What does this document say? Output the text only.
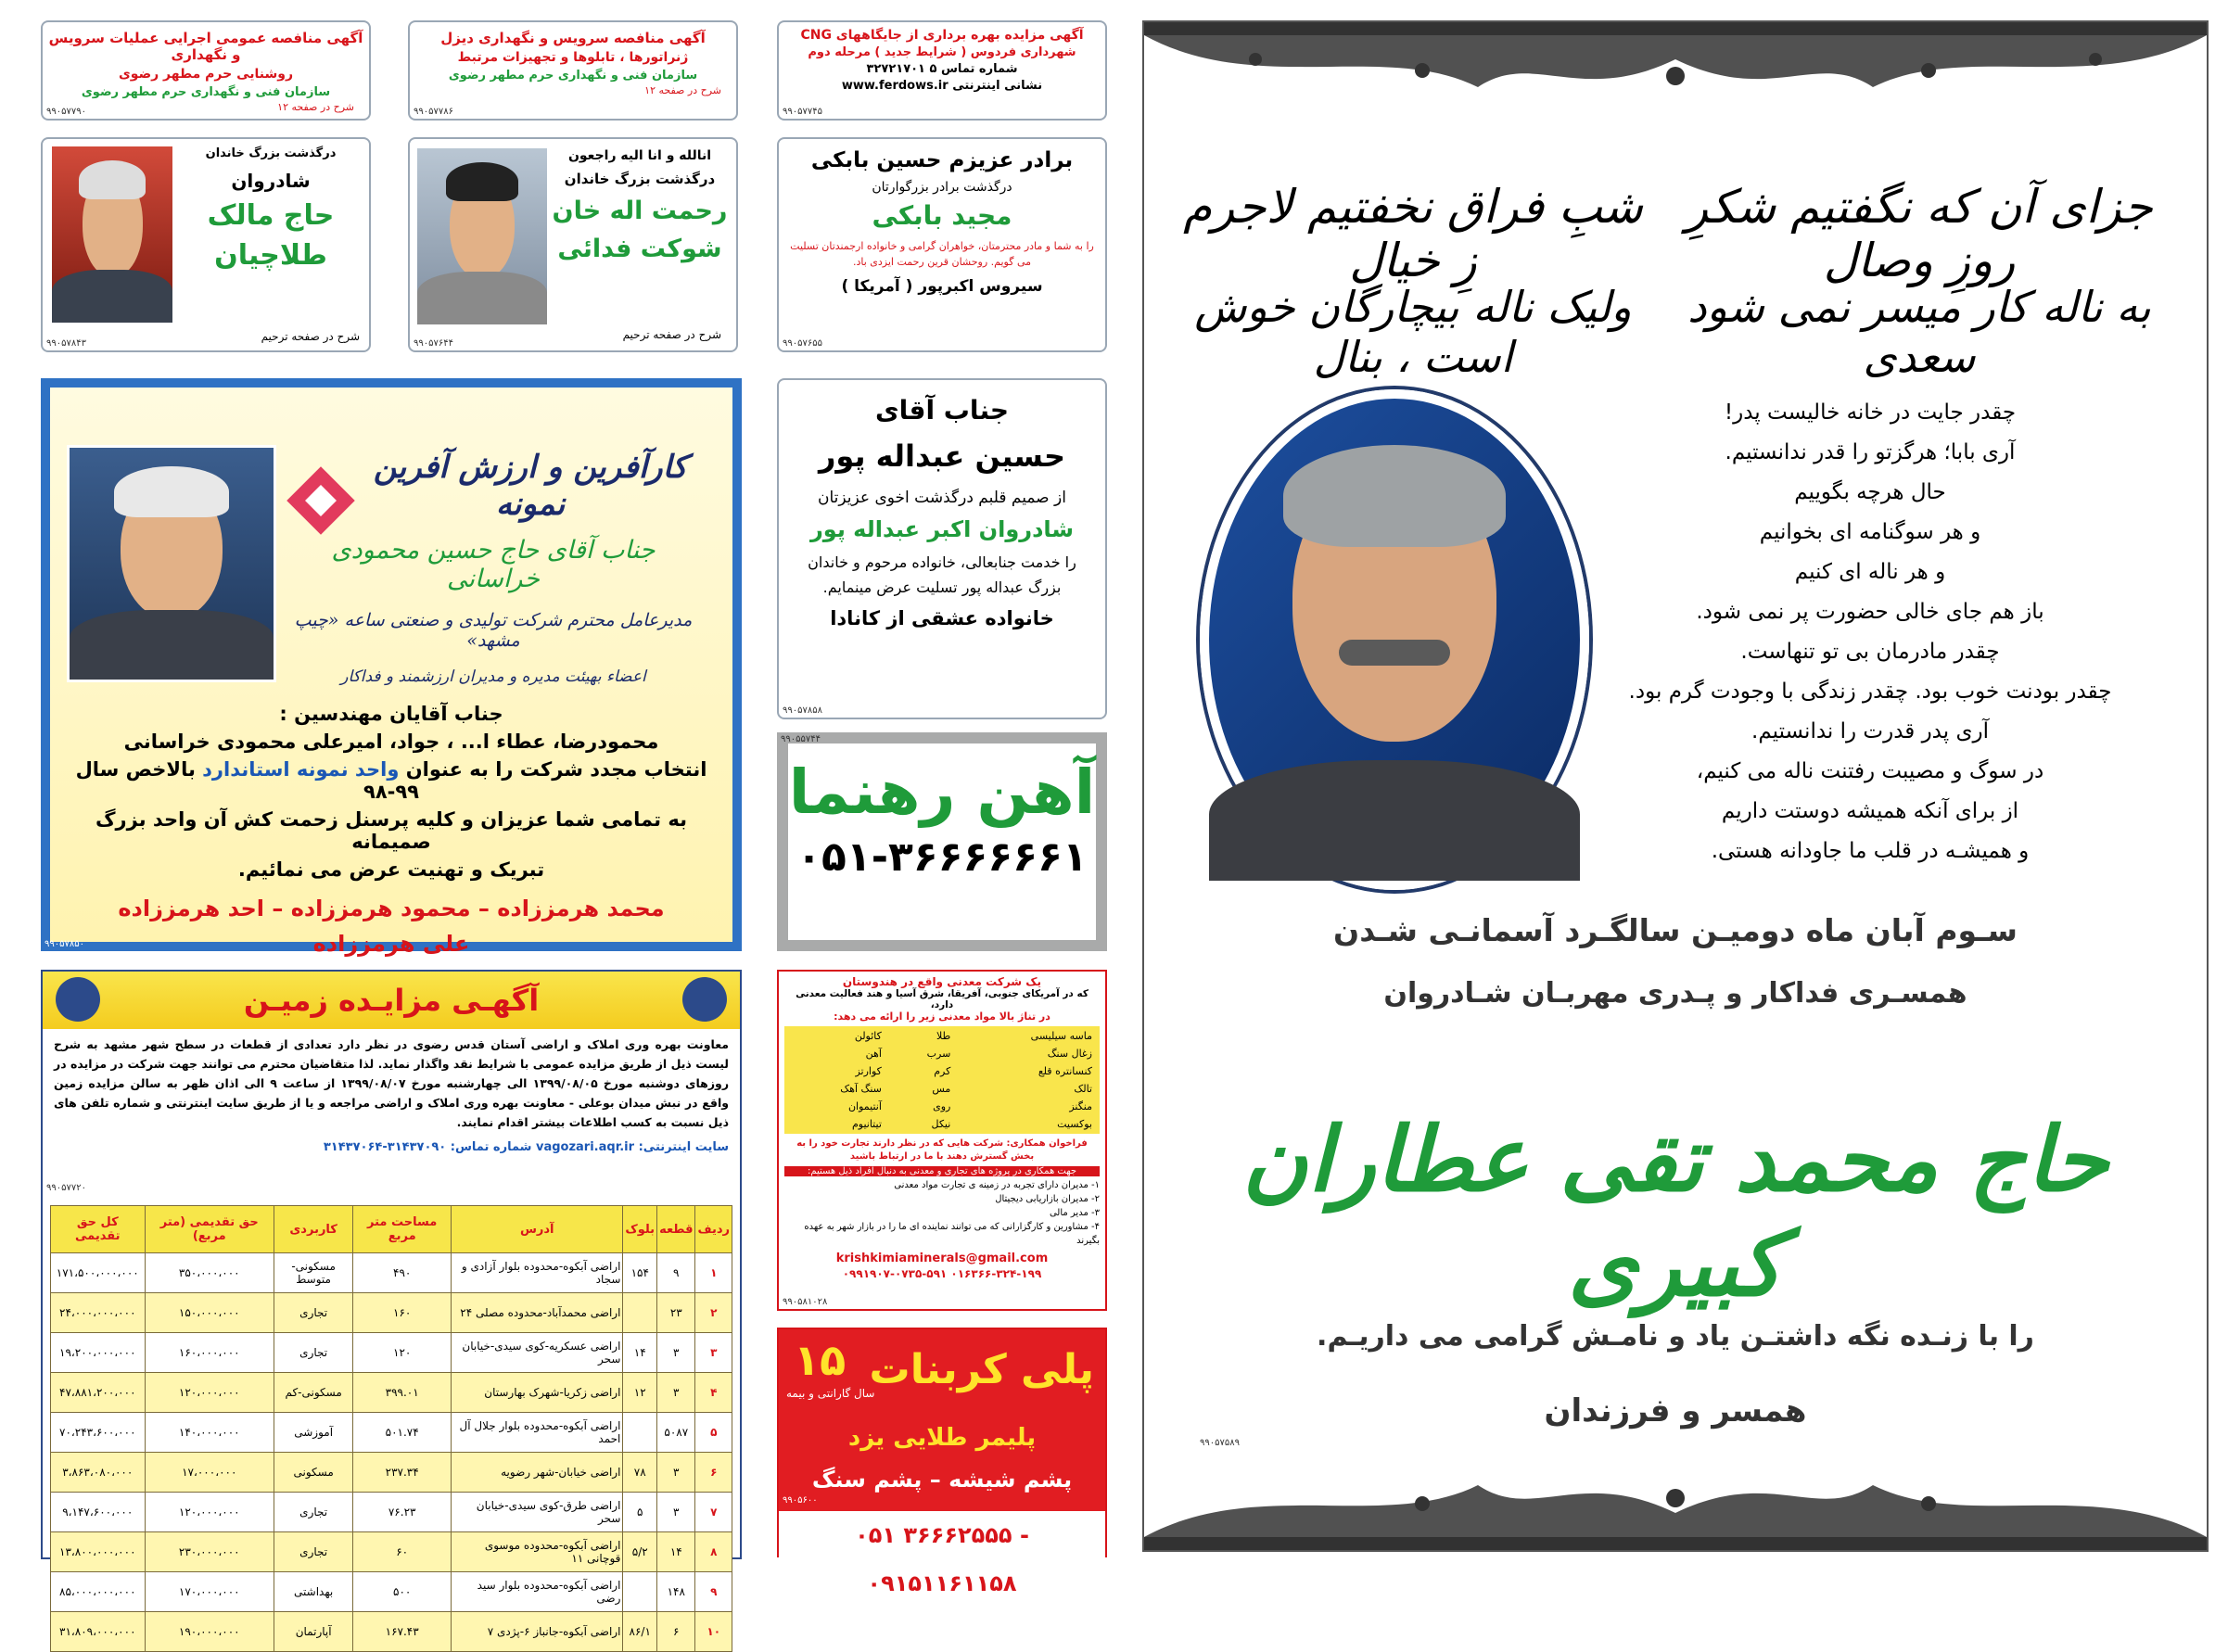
آگهی منافصه عمومی اجرایی عملیات سرویس و نگهداری
روشنایی حرم مطهر رضوی
سازمان فنی و نگهداری حرم مطهر رضوی
شرح در صفحه ۱۲
۹۹۰۵۷۷۹۰
آگهی منافصه سرویس و نگهداری دیزل
ژنراتورها ، تابلوها و تجهیزات مرتبط
سازمان فنی و نگهداری حرم مطهر رضوی
شرح در صفحه ۱۲
۹۹۰۵۷۷۸۶
آگهی مزایده بهره برداری از جایگاههای CNG
شهرداری فردوس ( شرایط جدید ) مرحله دوم
شماره تماس ۵ ۳۲۷۲۱۷۰۱
نشانی اینترنتی www.ferdows.ir
۹۹۰۵۷۷۴۵
درگذشت بزرگ خاندان
شادروان
حاج مالک
طلاچیان
شرح در صفحه ترحیم
۹۹۰۵۷۸۴۳
انالله و انا الیه راجعون
درگذشت بزرگ خاندان
رحمت اله خان
شوکت فدائی
شرح در صفحه ترحیم
۹۹۰۵۷۶۴۴
برادر عزیزم حسین بابکی
درگذشت برادر بزرگوارتان
مجید بابکی
را به شما و مادر محترمتان، خواهران گرامی و خانواده ارجمندتان تسلیت می گویم. روحشان قرین رحمت ایزدی باد.
سیروس اکبرپور ( آمریکا )
۹۹۰۵۷۶۵۵
کارآفرین و ارزش آفرین نمونه
جناب آقای حاج حسین محمودی خراسانی
مدیرعامل محترم شرکت تولیدی و صنعتی ساعه «چیپ مشهد»
اعضاء بهیئت مدیره و مدیران ارزشمند و فداکار
جناب آقایان مهندسین :
محمودرضا، عطاء ا... ، جواد، امیرعلی محمودی خراسانی
انتخاب مجدد شرکت را به عنوان واحد نمونه استاندارد بالاخص سال ۹۹-۹۸
به تمامی شما عزیزان و کلیه پرسنل زحمت کش آن واحد بزرگ صمیمانه
تبریک و تهنیت عرض می نمائیم.
محمد هرمززاده – محمود هرمززاده – احد هرمززاده
علی هرمززاده
۹۹۰۵۷۸۵۰
جناب آقای
حسین عبداله پور
از صمیم قلبم درگذشت اخوی عزیزتان
شادروان اکبر عبداله پور
را خدمت جنابعالی، خانواده مرحوم و خاندان
بزرگ عبداله پور تسلیت عرض مینمایم.
خانواده عشقی از کانادا
۹۹۰۵۷۸۵۸
آهن رهنما
۰۵۱-۳۶۶۶۶۶۶۱
۹۹۰۵۵۷۴۴
آگهـی مزایـده زمیـن
معاونت بهره وری املاک و اراضی آستان قدس رضوی در نظر دارد تعدادی از قطعات در سطح شهر مشهد به شرح لیست ذیل از طریق مزایده عمومی با شرایط نقد واگذار نماید. لذا متقاضیان محترم می توانند جهت شرکت در مزایده در روزهای دوشنبه مورخ ۱۳۹۹/۰۸/۰۵ الی چهارشنبه مورخ ۱۳۹۹/۰۸/۰۷ از ساعت ۹ الی اذان ظهر به سالن مزایده زمین واقع در نبش میدان بوعلی - معاونت بهره وری املاک و اراضی مراجعه و یا از طریق سایت اینترنتی و شماره تلفن های ذیل نسبت به کسب اطلاعات بیشتر اقدام نمایند.
سایت اینترنتی: vagozari.aqr.ir شماره تماس: ۳۱۴۳۷۰۹۰-۳۱۴۳۷۰۶۴
۹۹۰۵۷۷۲۰
ردیف	قطعه	بلوک	آدرس	مساحت متر مربع	کاربردی	حق تقدیمی (متر مربع)	کل حق تقدیمی
۱	۹	۱۵۴	اراضی آبکوه-محدوده بلوار آزادی و سجاد	۴۹۰	مسکونی-متوسط	۳۵۰،۰۰۰،۰۰۰	۱۷۱،۵۰۰،۰۰۰،۰۰۰
۲	۲۳		اراضی محمدآباد-محدوده مصلی ۲۴	۱۶۰	تجاری	۱۵۰،۰۰۰،۰۰۰	۲۴،۰۰۰،۰۰۰،۰۰۰
۳	۳	۱۴	اراضی عسکریه-کوی سیدی-خیابان سحر	۱۲۰	تجاری	۱۶۰،۰۰۰،۰۰۰	۱۹،۲۰۰،۰۰۰،۰۰۰
۴	۳	۱۲	اراضی زکریا-شهرک بهارستان	۳۹۹.۰۱	مسکونی-کم	۱۲۰،۰۰۰،۰۰۰	۴۷،۸۸۱،۲۰۰،۰۰۰
۵	۵۰۸۷		اراضی آبکوه-محدوده بلوار جلال آل احمد	۵۰۱.۷۴	آموزشی	۱۴۰،۰۰۰،۰۰۰	۷۰،۲۴۳،۶۰۰،۰۰۰
۶	۳	۷۸	اراضی خیابان-شهر رضویه	۲۳۷.۳۴	مسکونی	۱۷،۰۰۰،۰۰۰	۳،۸۶۳،۰۸۰،۰۰۰
۷	۳	۵	اراضی طرق-کوی سیدی-خیابان سحر	۷۶.۲۳	تجاری	۱۲۰،۰۰۰،۰۰۰	۹،۱۴۷،۶۰۰،۰۰۰
۸	۱۴	۵/۲	اراضی آبکوه-محدوده موسوی قوچانی ۱۱	۶۰	تجاری	۲۳۰،۰۰۰،۰۰۰	۱۳،۸۰۰،۰۰۰،۰۰۰
۹	۱۴۸		اراضی آبکوه-محدوده بلوار سید رضی	۵۰۰	بهداشتی	۱۷۰،۰۰۰،۰۰۰	۸۵،۰۰۰،۰۰۰،۰۰۰
۱۰	۶	۸۶/۱	اراضی آبکوه-جانباز ۶-پژدی ۷	۱۶۷.۴۳	آپارتمان	۱۹۰،۰۰۰،۰۰۰	۳۱،۸۰۹،۰۰۰،۰۰۰
یک شرکت معدنی واقع در هندوستان
که در آمریکای جنوبی، آفریقا، شرق آسیا و هند فعالیت معدنی دارد،
در تناژ بالا مواد معدنی زیر را ارائه می دهد:
ماسه سیلیسی	طلا	کائولن
زغال سنگ	سرب	آهن
کنسانتره قلع	کرم	کوارتز
تالک	مس	سنگ آهک
منگنز	روی	آنتیموان
بوکسیت	نیکل	تیتانیوم
فراخوان همکاری: شرکت هایی که در نظر دارند تجارت خود را به بخش گسترش دهند با ما در ارتباط باشید
جهت همکاری در پروژه های تجاری و معدنی به دنبال افراد ذیل هستیم:
۱- مدیران دارای تجربه در زمینه ی تجارت مواد معدنی
۲- مدیران بازاریابی دیجیتال
۳- مدیر مالی
۴- مشاورین و کارگزارانی که می توانند نماینده ای ما را در بازار شهر به عهده بگیرند
krishkimiaminerals@gmail.com
۰۹۹۱۹۰۷-۰۷۳۵-۵۹۱ ۰۱۶۳۶۶-۳۲۴-۱۹۹
۹۹۰۵۸۱۰۲۸
پلی کربنات
۱۵
سال گارانتی و بیمه
پلیمر طلایی یزد
پشم شیشه – پشم سنگ
۰۵۱ ۳۶۶۶۲۵۵۵ - ۰۹۱۵۱۱۶۱۱۵۸
۹۹۰۵۶۰۰
جزای آن که نگفتیم شکرِ روزِ وصال
شبِ فراق نخفتیم لاجرم زِ خیال
به ناله کار میسر نمی شود سعدی
ولیک ناله بیچارگان خوش است ، بنال
چقدر جایت در خانه خالیست پدر!
آری بابا؛ هرگزتو را قدر ندانستیم.
حال هرچه بگوییم
و هر سوگنامه ای بخوانیم
و هر ناله ای کنیم
باز هم جای خالی حضورت پر نمی شود.
چقدر مادرمان بی تو تنهاست.
چقدر بودنت خوب بود. چقدر زندگی با وجودت گرم بود.
آری پدر قدرت را ندانستیم.
در سوگ و مصیبت رفتنت ناله می کنیم،
از برای آنکه همیشه دوستت داریم
و همیشـه در قلب ما جاودانه هستی.
سـوم آبان ماه دومیـن سالگـرد آسمانـی شـدن
همسـری فداکار و پـدری مهربـان شـادروان
حاج محمد تقی عطاران کبیری
را با زنـده نگه داشتـن یاد و نامـش گرامی می داریـم.
همسر و فرزندان
۹۹۰۵۷۵۸۹
